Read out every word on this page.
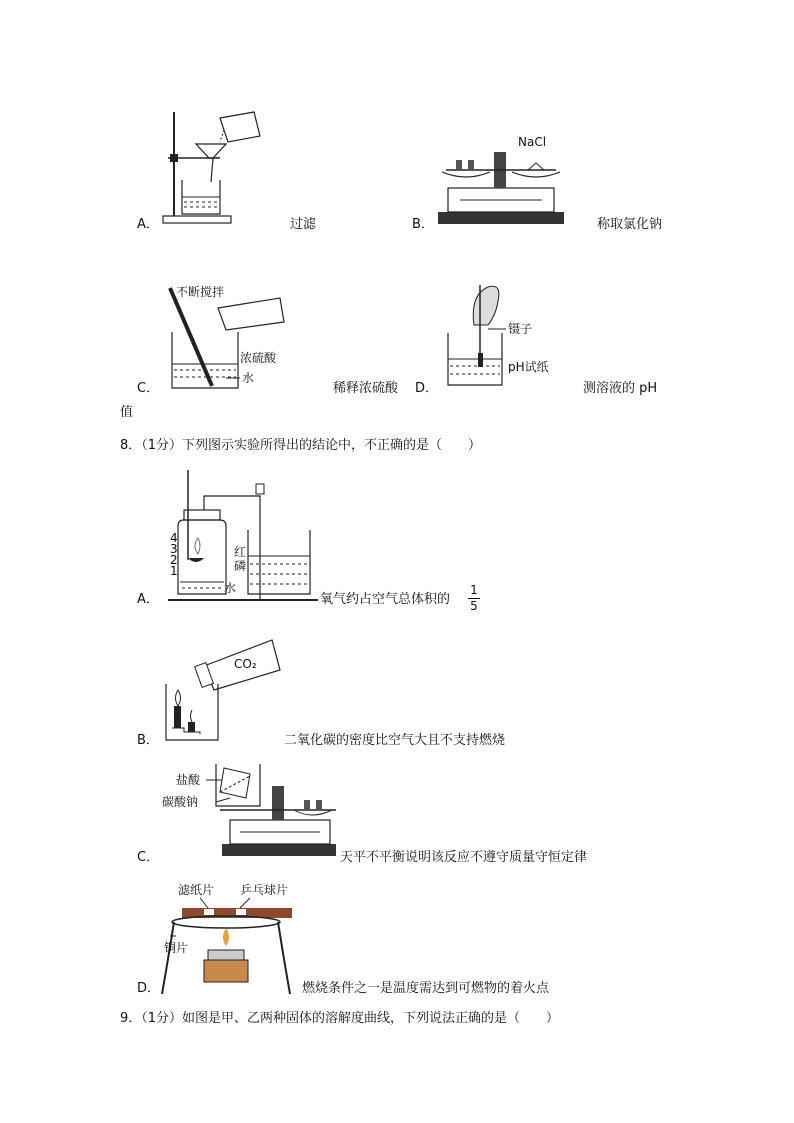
A．	过滤
NaCl
B．	称取氯化钠
不断搅拌
浓硫酸
水
C．	稀释浓硫酸
镊子
pH试纸
D．	测溶液的 pH
值
8．（1分）下列图示实验所得出的结论中，不正确的是（　　）
4
3
2
1
红
磷
水
A．	氧气约占空气总体积的
1
5
CO₂
B．	二氧化碳的密度比空气大且不支持燃烧
盐酸
碳酸钠
C．	天平不平衡说明该反应不遵守质量守恒定律
滤纸片 乒乓球片
铜片
D．	燃烧条件之一是温度需达到可燃物的着火点
9．（1分）如图是甲、乙两种固体的溶解度曲线，下列说法正确的是（　　）
